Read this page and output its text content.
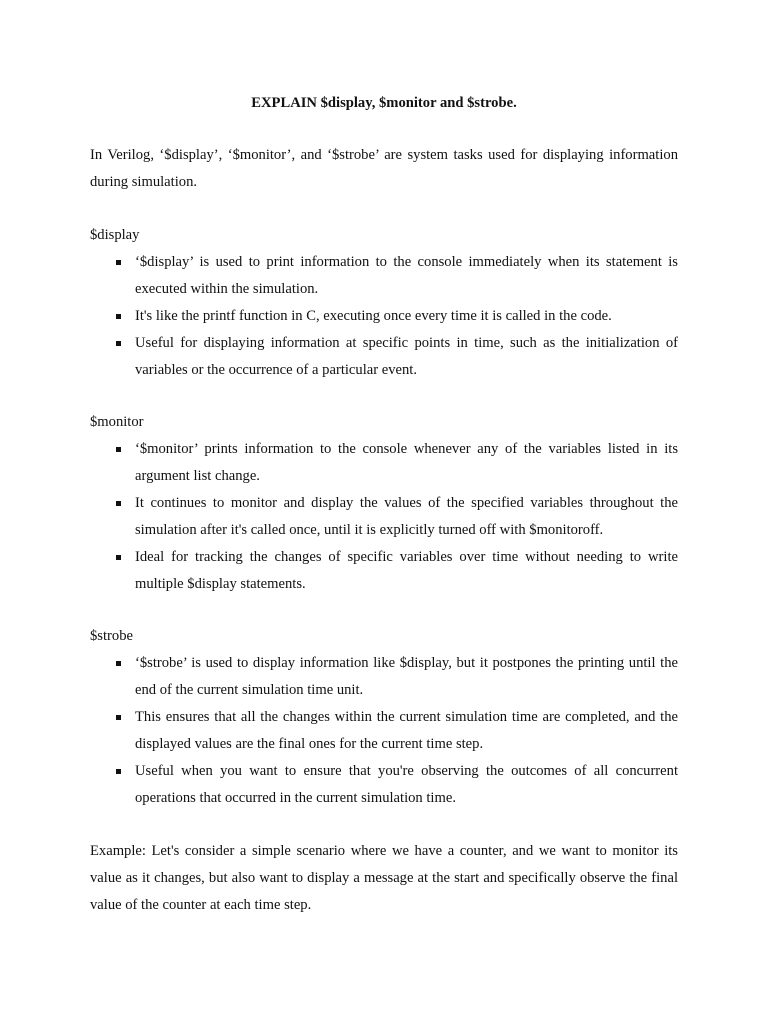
EXPLAIN $display, $monitor and $strobe.

In Verilog, ‘$display’, ‘$monitor’, and ‘$strobe’ are system tasks used for displaying information during simulation.

$display

‘$display’ is used to print information to the console immediately when its statement is executed within the simulation.
It's like the printf function in C, executing once every time it is called in the code.
Useful for displaying information at specific points in time, such as the initialization of variables or the occurrence of a particular event.

$monitor

‘$monitor’ prints information to the console whenever any of the variables listed in its argument list change.
It continues to monitor and display the values of the specified variables throughout the simulation after it's called once, until it is explicitly turned off with $monitoroff.
Ideal for tracking the changes of specific variables over time without needing to write multiple $display statements.

$strobe

‘$strobe’ is used to display information like $display, but it postpones the printing until the end of the current simulation time unit.
This ensures that all the changes within the current simulation time are completed, and the displayed values are the final ones for the current time step.
Useful when you want to ensure that you're observing the outcomes of all concurrent operations that occurred in the current simulation time.

Example: Let's consider a simple scenario where we have a counter, and we want to monitor its value as it changes, but also want to display a message at the start and specifically observe the final value of the counter at each time step.
